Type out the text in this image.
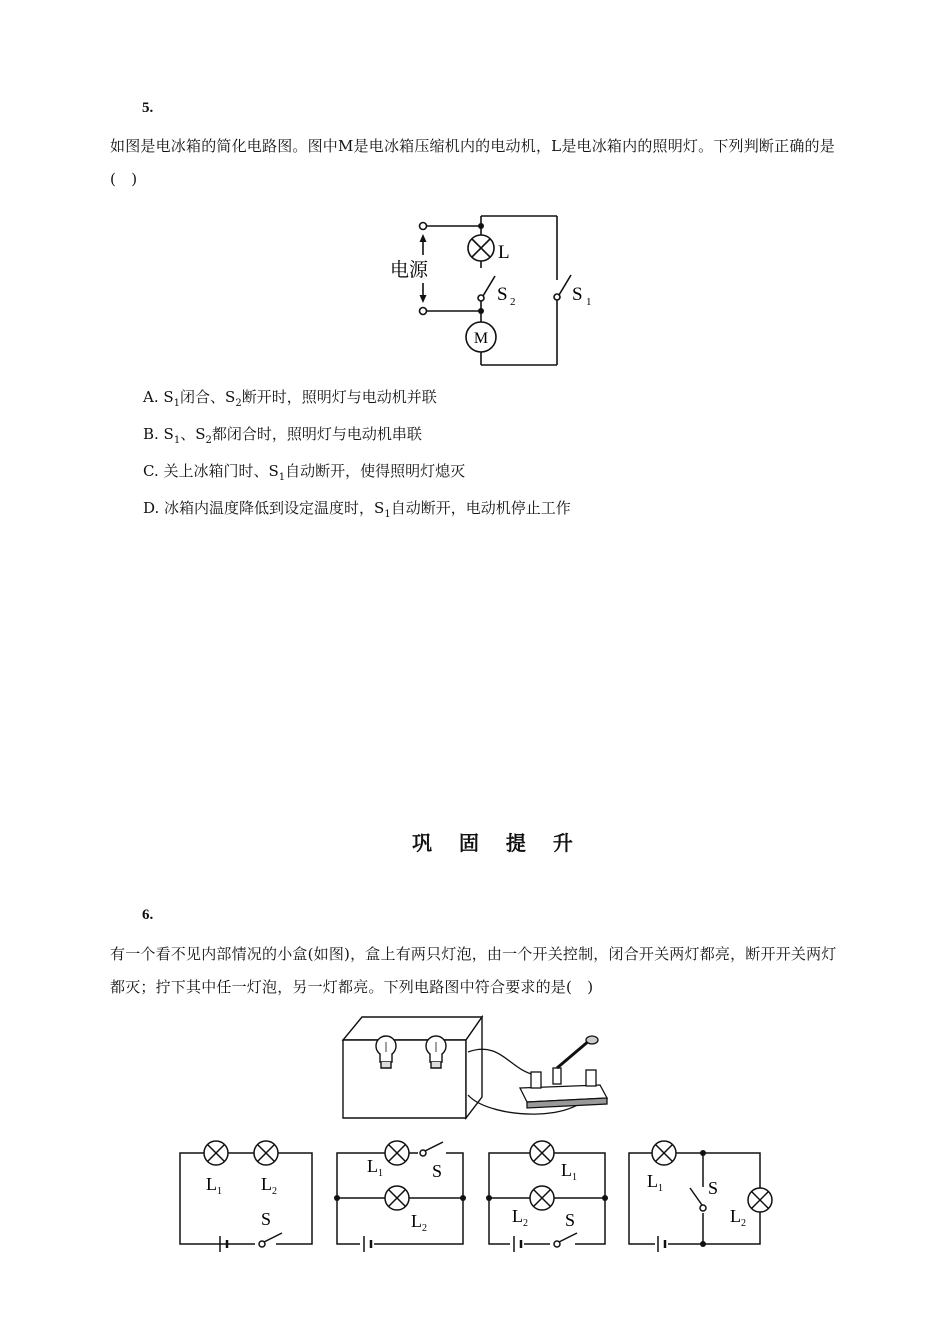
5.
如图是电冰箱的简化电路图。图中M是电冰箱压缩机内的电动机，L是电冰箱内的照明灯。下列判断正确的是(　)
电源
L
M
S 2	S 1
A. $S_1$闭合、$S_2$断开时，照明灯与电动机并联
B. $S_1$、$S_2$都闭合时，照明灯与电动机串联
C. 关上冰箱门时、$S_1$自动断开，使得照明灯熄灭
D. 冰箱内温度降低到设定温度时，$S_1$自动断开，电动机停止工作
巩 固 提 升
6.
有一个看不见内部情况的小盒(如图)，盒上有两只灯泡，由一个开关控制，闭合开关两灯都亮，断开开关两灯都灭；拧下其中任一灯泡，另一灯都亮。下列电路图中符合要求的是(　)
$L_1$ $L_2$
S
$L_1$	S
$L_2$
$L_1$
$L_2$ S
$L_1$	S
$L_2$
